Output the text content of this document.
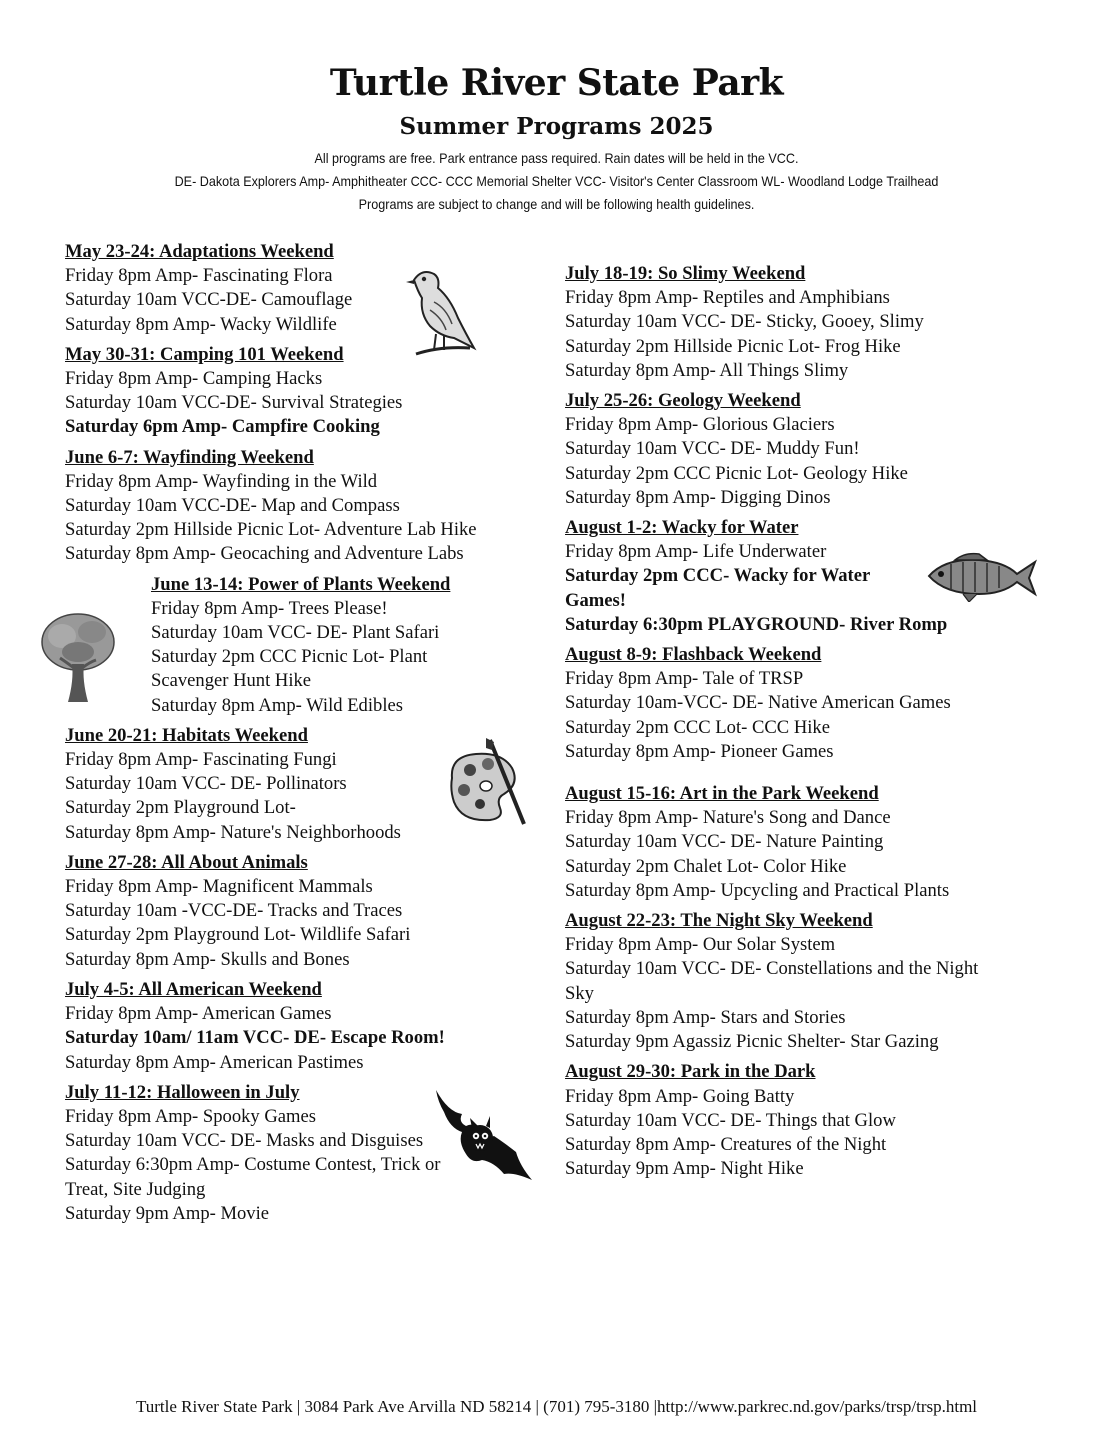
Turtle River State Park
Summer Programs 2025
All programs are free. Park entrance pass required. Rain dates will be held in the VCC.
DE- Dakota Explorers Amp- Amphitheater CCC- CCC Memorial Shelter VCC- Visitor's Center Classroom WL- Woodland Lodge Trailhead
Programs are subject to change and will be following health guidelines.
May 23-24: Adaptations Weekend

Friday 8pm Amp- Fascinating Flora

Saturday 10am VCC-DE- Camouflage

Saturday 8pm Amp- Wacky Wildlife

May 30-31: Camping 101 Weekend

Friday 8pm Amp- Camping Hacks

Saturday 10am VCC-DE- Survival Strategies

Saturday 6pm Amp- Campfire Cooking

June 6-7: Wayfinding Weekend

Friday 8pm Amp- Wayfinding in the Wild

Saturday 10am VCC-DE- Map and Compass

Saturday 2pm Hillside Picnic Lot- Adventure Lab Hike

Saturday 8pm Amp- Geocaching and Adventure Labs

June 13-14: Power of Plants Weekend

Friday 8pm Amp- Trees Please!

Saturday 10am VCC- DE- Plant Safari

Saturday 2pm CCC Picnic Lot- Plant

Scavenger Hunt Hike

Saturday 8pm Amp- Wild Edibles

June 20-21: Habitats Weekend

Friday 8pm Amp- Fascinating Fungi

Saturday 10am VCC- DE- Pollinators

Saturday 2pm Playground Lot-

Saturday 8pm Amp- Nature's Neighborhoods

June 27-28: All About Animals

Friday 8pm Amp- Magnificent Mammals

Saturday 10am -VCC-DE- Tracks and Traces

Saturday 2pm Playground Lot- Wildlife Safari

Saturday 8pm Amp- Skulls and Bones

July 4-5: All American Weekend

Friday 8pm Amp- American Games

Saturday 10am/ 11am VCC- DE- Escape Room!

Saturday 8pm Amp- American Pastimes

July 11-12: Halloween in July

Friday 8pm Amp- Spooky Games

Saturday 10am VCC- DE- Masks and Disguises

Saturday 6:30pm Amp- Costume Contest, Trick or

Treat, Site Judging

Saturday 9pm Amp- Movie

July 18-19: So Slimy Weekend

Friday 8pm Amp- Reptiles and Amphibians

Saturday 10am VCC- DE- Sticky, Gooey, Slimy

Saturday 2pm Hillside Picnic Lot- Frog Hike

Saturday 8pm Amp- All Things Slimy

July 25-26: Geology Weekend

Friday 8pm Amp- Glorious Glaciers

Saturday 10am VCC- DE- Muddy Fun!

Saturday 2pm CCC Picnic Lot- Geology Hike

Saturday 8pm Amp- Digging Dinos

August 1-2: Wacky for Water

Friday 8pm Amp- Life Underwater

Saturday 2pm CCC- Wacky for Water

Games!

Saturday 6:30pm PLAYGROUND- River Romp

August 8-9: Flashback Weekend

Friday 8pm Amp- Tale of TRSP

Saturday 10am-VCC- DE- Native American Games

Saturday 2pm CCC Lot- CCC Hike

Saturday 8pm Amp- Pioneer Games

August 15-16: Art in the Park Weekend

Friday 8pm Amp- Nature's Song and Dance

Saturday 10am VCC- DE- Nature Painting

Saturday 2pm Chalet Lot- Color Hike

Saturday 8pm Amp- Upcycling and Practical Plants

August 22-23: The Night Sky Weekend

Friday 8pm Amp- Our Solar System

Saturday 10am VCC- DE- Constellations and the Night

Sky

Saturday 8pm Amp- Stars and Stories

Saturday 9pm Agassiz Picnic Shelter- Star Gazing

August 29-30: Park in the Dark

Friday 8pm Amp- Going Batty

Saturday 10am VCC- DE- Things that Glow

Saturday 8pm Amp- Creatures of the Night

Saturday 9pm Amp- Night Hike

Turtle River State Park | 3084 Park Ave Arvilla ND 58214 | (701) 795-3180 |http://www.parkrec.nd.gov/parks/trsp/trsp.html
